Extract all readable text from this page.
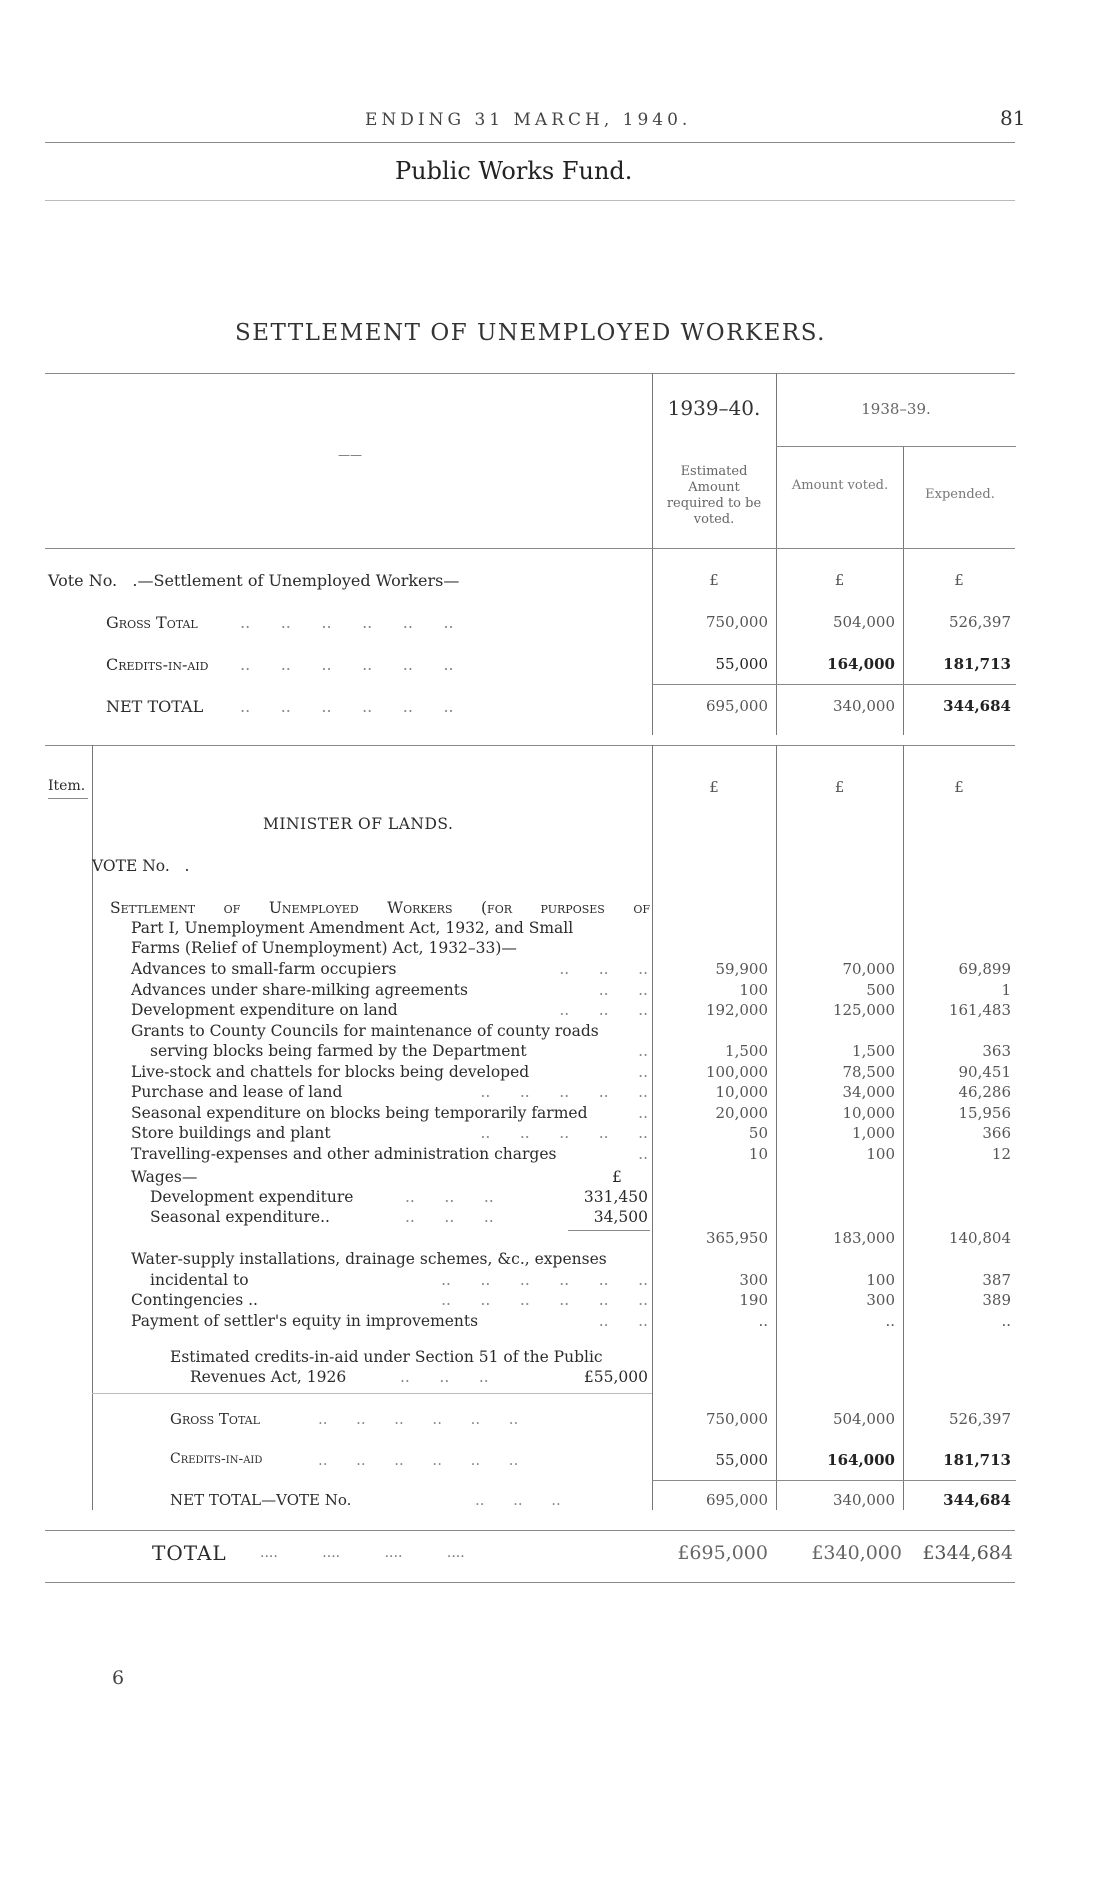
ENDING 31 MARCH, 1940.	81
Public Works Fund.
SETTLEMENT OF UNEMPLOYED WORKERS.
1939–40.	1938–39.
——
Estimated Amount required to be voted.
Amount voted.
Expended.
Vote No.   .—Settlement of Unemployed Workers—	£	£	£
Gross Total	..      ..      ..      ..      ..      ..	750,000	504,000	526,397
Credits-in-aid ..      ..      ..      ..      ..      ..	55,000	164,000	181,713
NET TOTAL ..      ..      ..      ..      ..      ..	695,000	340,000	344,684
Item.	£	£	£
MINISTER OF LANDS.
VOTE No.   .
Settlement of Unemployed Workers (for purposes of
Part I, Unemployment Amendment Act, 1932, and Small
Farms (Relief of Unemployment) Act, 1932–33)—
Advances to small-farm occupiers	..      ..      ..	59,900	70,000	69,899
Advances under share-milking agreements	..      ..	100	500	1
Development expenditure on land	..      ..      ..	192,000	125,000	161,483
Grants to County Councils for maintenance of county roads
serving blocks being farmed by the Department	..	1,500	1,500	363
Live-stock and chattels for blocks being developed	..	100,000	78,500	90,451
Purchase and lease of land	..      ..      ..      ..      ..	10,000	34,000	46,286
Seasonal expenditure on blocks being temporarily farmed	..	20,000	10,000	15,956
Store buildings and plant	..      ..      ..      ..      ..	50	1,000	366
Travelling-expenses and other administration charges	..	10	100	12
Wages—	£
Development expenditure	..      ..      ..	331,450
Seasonal expenditure..	..      ..      ..	34,500
365,950	183,000	140,804
Water-supply installations, drainage schemes, &c., expenses
incidental to	..      ..      ..      ..      ..      ..	300	100	387
Contingencies ..	..      ..      ..      ..      ..      ..	190	300	389
Payment of settler's equity in improvements	..      ..	..	..	..
Estimated credits-in-aid under Section 51 of the Public
Revenues Act, 1926	..      ..      ..	£55,000
Gross Total	..      ..      ..      ..      ..      ..	750,000	504,000	526,397
Credits-in-aid	..      ..      ..      ..      ..      ..	55,000	164,000	181,713
NET TOTAL—VOTE No.	..      ..      ..	695,000	340,000	344,684
TOTAL ....          ....          ....          ....	£695,000	£340,000	£344,684
6
